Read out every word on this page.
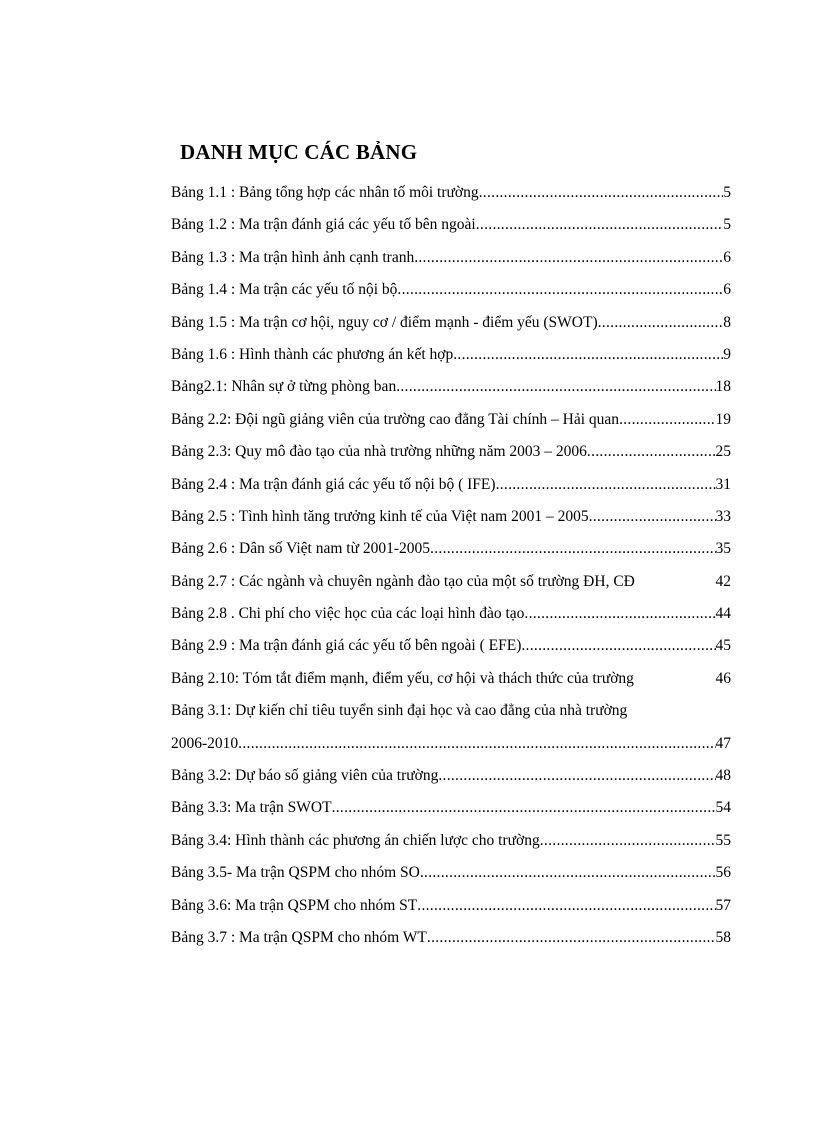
DANH MỤC CÁC BẢNG
Bảng 1.1 : Bảng tổng hợp các nhân tố môi trường .....	5
Bảng 1.2 : Ma trận đánh giá các yếu tố bên ngoài .....	5
Bảng 1.3 : Ma trận hình ảnh cạnh tranh .....	6
Bảng 1.4 : Ma trận các yếu tố nội bộ .....	6
Bảng 1.5 : Ma trận cơ hội, nguy cơ / điểm mạnh - điểm yếu (SWOT) .....	8
Bảng 1.6 : Hình thành các phương án kết hợp .....	9
Bảng2.1: Nhân sự ở từng phòng ban .....	18
Bảng 2.2: Đội ngũ giảng viên của trường cao đẳng Tài chính – Hải quan .....	19
Bảng 2.3: Quy mô đào tạo của nhà trường những năm 2003 – 2006 .....	25
Bảng 2.4 : Ma trận đánh giá các yếu tố nội bộ ( IFE) .....	31
Bảng 2.5 : Tình hình tăng trưởng kinh tế của Việt nam 2001 – 2005 .....	33
Bảng 2.6 : Dân số Việt nam từ 2001-2005 .....	35
Bảng 2.7 : Các ngành và chuyên ngành đào tạo của một số trường ĐH, CĐ	42
Bảng 2.8 . Chi phí cho việc học của các loại hình đào tạo .....	44
Bảng 2.9 : Ma trận đánh giá các yếu tố bên ngoài ( EFE) .....	45
Bảng 2.10: Tóm tắt điểm mạnh, điểm yếu, cơ hội và thách thức của trường	46
Bảng 3.1: Dự kiến chỉ tiêu tuyển sinh đại học và cao đẳng của nhà trường
2006-2010 .....	47
Bảng 3.2: Dự báo số giảng viên của trường .....	48
Bảng 3.3: Ma trận SWOT .....	54
Bảng 3.4: Hình thành các phương án chiến lược cho trường .....	55
Bảng 3.5- Ma trận QSPM cho nhóm SO .....	56
Bảng 3.6: Ma trận QSPM cho nhóm ST .....	57
Bảng 3.7 : Ma trận QSPM cho nhóm WT .....	58
